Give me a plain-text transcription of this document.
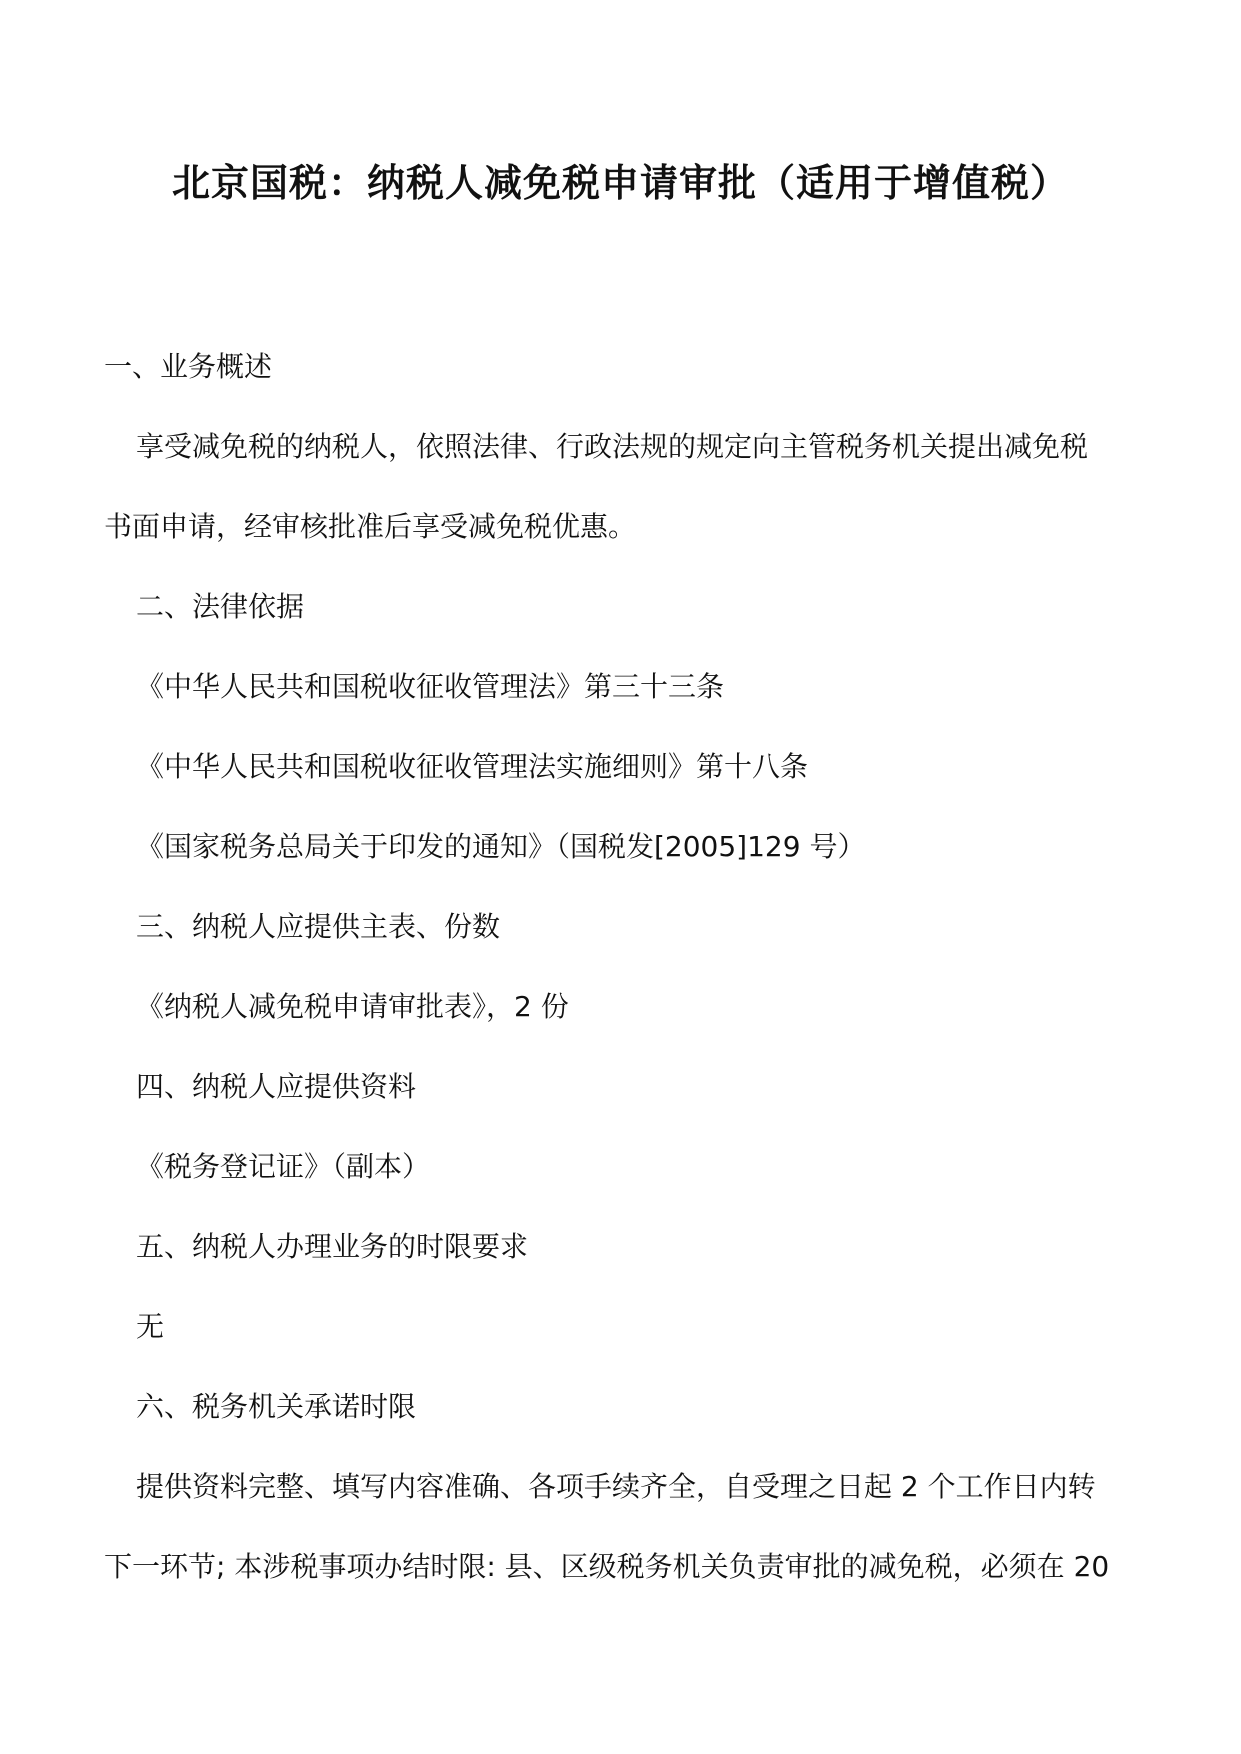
北京国税：纳税人减免税申请审批（适用于增值税）
一、业务概述
享受减免税的纳税人，依照法律、行政法规的规定向主管税务机关提出减免税
书面申请，经审核批准后享受减免税优惠。
二、法律依据
《中华人民共和国税收征收管理法》第三十三条
《中华人民共和国税收征收管理法实施细则》第十八条
《国家税务总局关于印发的通知》（国税发[2005]129 号）
三、纳税人应提供主表、份数
《纳税人减免税申请审批表》，2 份
四、纳税人应提供资料
《税务登记证》（副本）
五、纳税人办理业务的时限要求
无
六、税务机关承诺时限
提供资料完整、填写内容准确、各项手续齐全，自受理之日起 2 个工作日内转
下一环节; 本涉税事项办结时限: 县、区级税务机关负责审批的减免税，必须在 20
